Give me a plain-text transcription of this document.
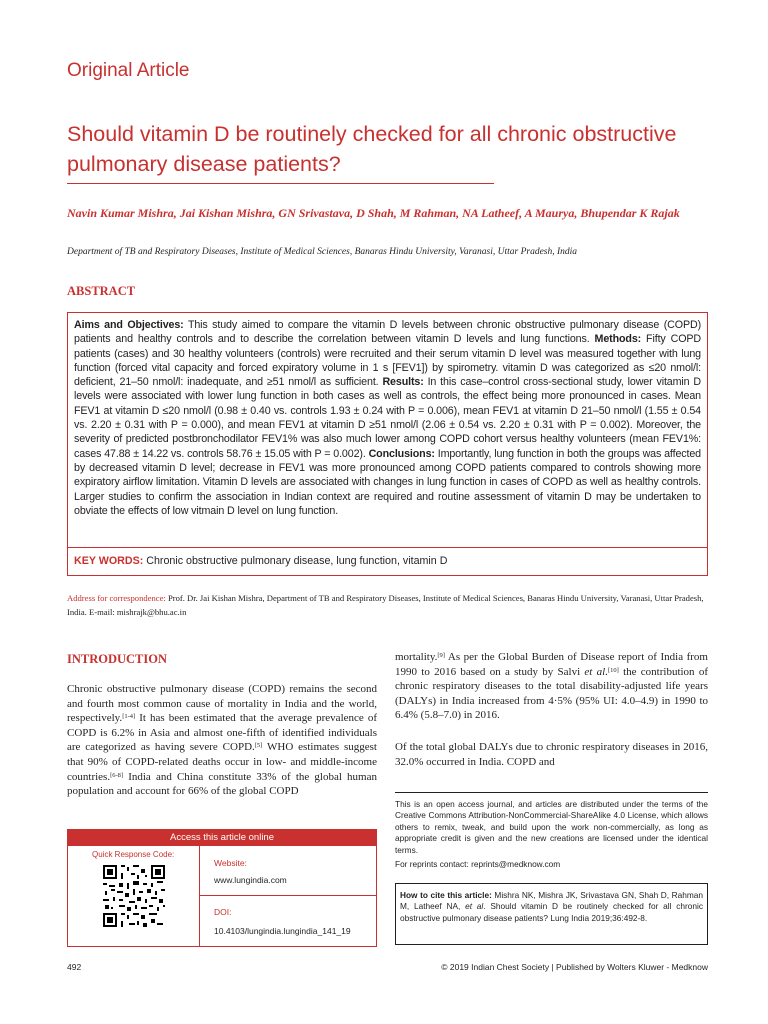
Original Article
Should vitamin D be routinely checked for all chronic obstructive pulmonary disease patients?
Navin Kumar Mishra, Jai Kishan Mishra, GN Srivastava, D Shah, M Rahman, NA Latheef, A Maurya, Bhupendar K Rajak
Department of TB and Respiratory Diseases, Institute of Medical Sciences, Banaras Hindu University, Varanasi, Uttar Pradesh, India
ABSTRACT

Aims and Objectives: This study aimed to compare the vitamin D levels between chronic obstructive pulmonary disease (COPD) patients and healthy controls and to describe the correlation between vitamin D levels and lung functions. Methods: Fifty COPD patients (cases) and 30 healthy volunteers (controls) were recruited and their serum vitamin D level was measured together with lung function (forced vital capacity and forced expiratory volume in 1 s [FEV1]) by spirometry. vitamin D was categorized as ≤20 nmol/l: deficient, 21–50 nmol/l: inadequate, and ≥51 nmol/l as sufficient. Results: In this case–control cross-sectional study, lower vitamin D levels were associated with lower lung function in both cases as well as controls, the effect being more pronounced in cases. Mean FEV1 at vitamin D ≤20 nmol/l (0.98 ± 0.40 vs. controls 1.93 ± 0.24 with P = 0.006), mean FEV1 at vitamin D 21–50 nmol/l (1.55 ± 0.54 vs. 2.20 ± 0.31 with P = 0.000), and mean FEV1 at vitamin D ≥51 nmol/l (2.06 ± 0.54 vs. 2.20 ± 0.31 with P = 0.002). Moreover, the severity of predicted postbronchodilator FEV1% was also much lower among COPD cohort versus healthy volunteers (mean FEV1%: cases 47.88 ± 14.22 vs. controls 58.76 ± 15.05 with P = 0.002). Conclusions: Importantly, lung function in both the groups was affected by decreased vitamin D level; decrease in FEV1 was more pronounced among COPD patients compared to controls showing more expiratory airflow limitation. Vitamin D levels are associated with changes in lung function in cases of COPD as well as healthy controls. Larger studies to confirm the association in Indian context are required and routine assessment of vitamin D may be undertaken to obviate the effects of low vitmain D level on lung function.

KEY WORDS: Chronic obstructive pulmonary disease, lung function, vitamin D
Address for correspondence: Prof. Dr. Jai Kishan Mishra, Department of TB and Respiratory Diseases, Institute of Medical Sciences, Banaras Hindu University, Varanasi, Uttar Pradesh, India. E-mail: mishrajk@bhu.ac.in
INTRODUCTION

Chronic obstructive pulmonary disease (COPD) remains the second and fourth most common cause of mortality in India and the world, respectively.[1-4] It has been estimated that the average prevalence of COPD is 6.2% in Asia and almost one-fifth of identified individuals are categorized as having severe COPD.[5] WHO estimates suggest that 90% of COPD-related deaths occur in low- and middle-income countries.[6-8] India and China constitute 33% of the global human population and account for 66% of the global COPD

mortality.[9] As per the Global Burden of Disease report of India from 1990 to 2016 based on a study by Salvi et al.[10] the contribution of chronic respiratory diseases to the total disability-adjusted life years (DALYs) in India increased from 4·5% (95% UI: 4.0–4.9) in 1990 to 6.4% (5.8–7.0) in 2016.

Of the total global DALYs due to chronic respiratory diseases in 2016, 32.0% occurred in India. COPD and

Access this article online
Quick Response Code:
Website:
www.lungindia.com
DOI:
10.4103/lungindia.lungindia_141_19

This is an open access journal, and articles are distributed under the terms of the Creative Commons Attribution-NonCommercial-ShareAlike 4.0 License, which allows others to remix, tweak, and build upon the work non-commercially, as long as appropriate credit is given and the new creations are licensed under the identical terms.

For reprints contact: reprints@medknow.com
How to cite this article: Mishra NK, Mishra JK, Srivastava GN, Shah D, Rahman M, Latheef NA, et al. Should vitamin D be routinely checked for all chronic obstructive pulmonary disease patients? Lung India 2019;36:492-8.
492	© 2019 Indian Chest Society | Published by Wolters Kluwer - Medknow
